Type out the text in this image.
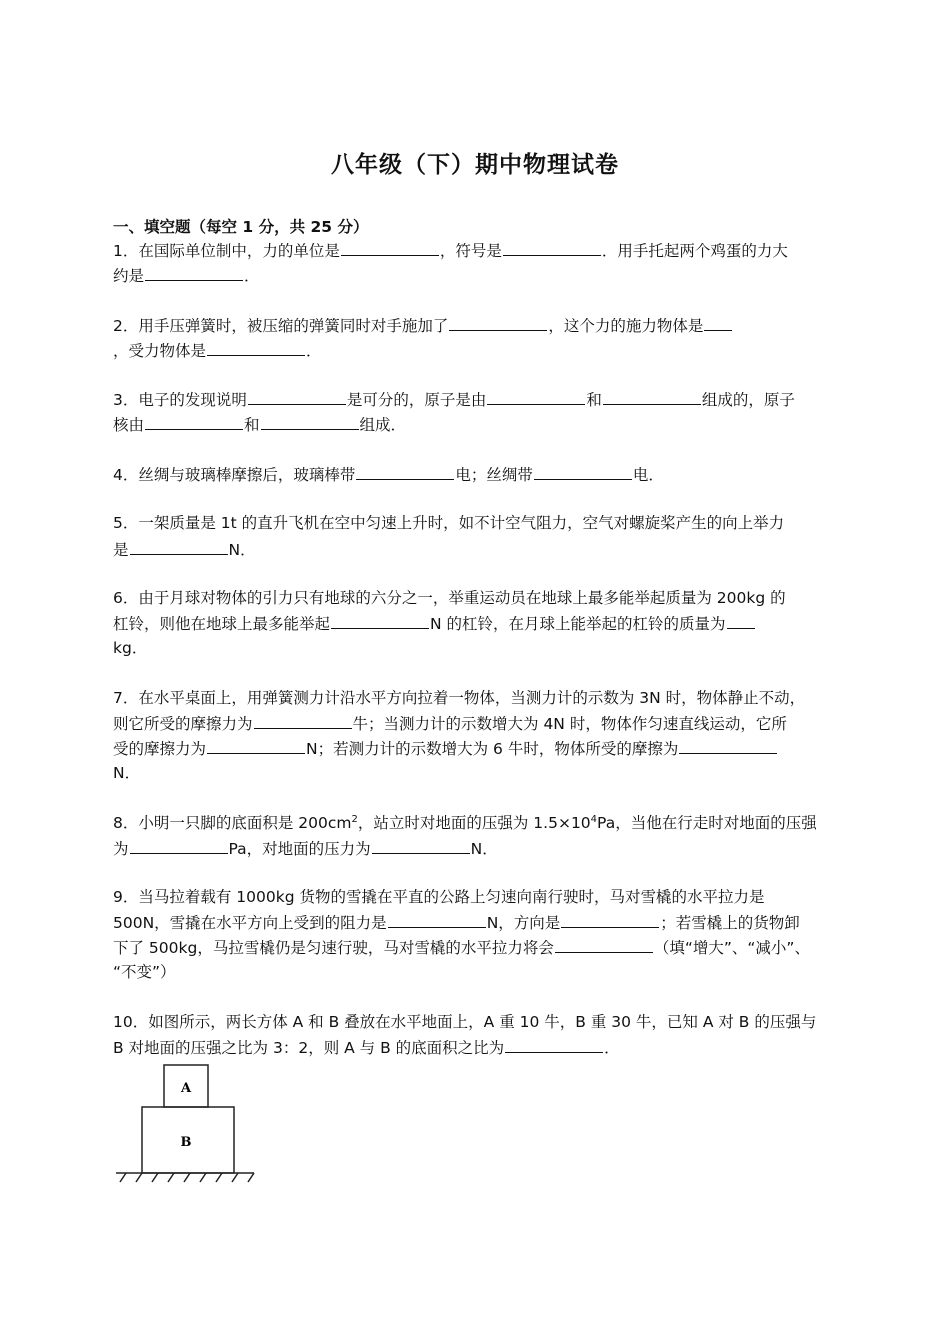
八年级（下）期中物理试卷
一、填空题（每空 1 分，共 25 分）
1．在国际单位制中，力的单位是	，符号是	．用手托起两个鸡蛋的力大
约是	．
2．用手压弹簧时，被压缩的弹簧同时对手施加了	，这个力的施力物体是
，受力物体是	．
3．电子的发现说明	是可分的，原子是由	和	组成的，原子
核由	和	组成．
4．丝绸与玻璃棒摩擦后，玻璃棒带	电；丝绸带	电．
5．一架质量是 1t 的直升飞机在空中匀速上升时，如不计空气阻力，空气对螺旋桨产生的向上举力
是	N．
6．由于月球对物体的引力只有地球的六分之一，举重运动员在地球上最多能举起质量为 200kg 的
杠铃，则他在地球上最多能举起	N 的杠铃，在月球上能举起的杠铃的质量为
kg．
7．在水平桌面上，用弹簧测力计沿水平方向拉着一物体，当测力计的示数为 3N 时，物体静止不动，
则它所受的摩擦力为	牛；当测力计的示数增大为 4N 时，物体作匀速直线运动，它所
受的摩擦力为	N；若测力计的示数增大为 6 牛时，物体所受的摩擦为
N．
8．小明一只脚的底面积是 $200cm^2$，站立时对地面的压强为 $1.5\times 10^4Pa$，当他在行走时对地面的压强
为	Pa，对地面的压力为	N．
9．当马拉着载有 1000kg 货物的雪撬在平直的公路上匀速向南行驶时，马对雪橇的水平拉力是
500N，雪撬在水平方向上受到的阻力是	N，方向是	；若雪橇上的货物卸
下了 500kg，马拉雪橇仍是匀速行驶，马对雪橇的水平拉力将会	（填“增大”、“减小”、
“不变”）
10．如图所示，两长方体 A 和 B 叠放在水平地面上，A 重 10 牛，B 重 30 牛，已知 A 对 B 的压强与
B 对地面的压强之比为 3：2，则 A 与 B 的底面积之比为	．
A
B
